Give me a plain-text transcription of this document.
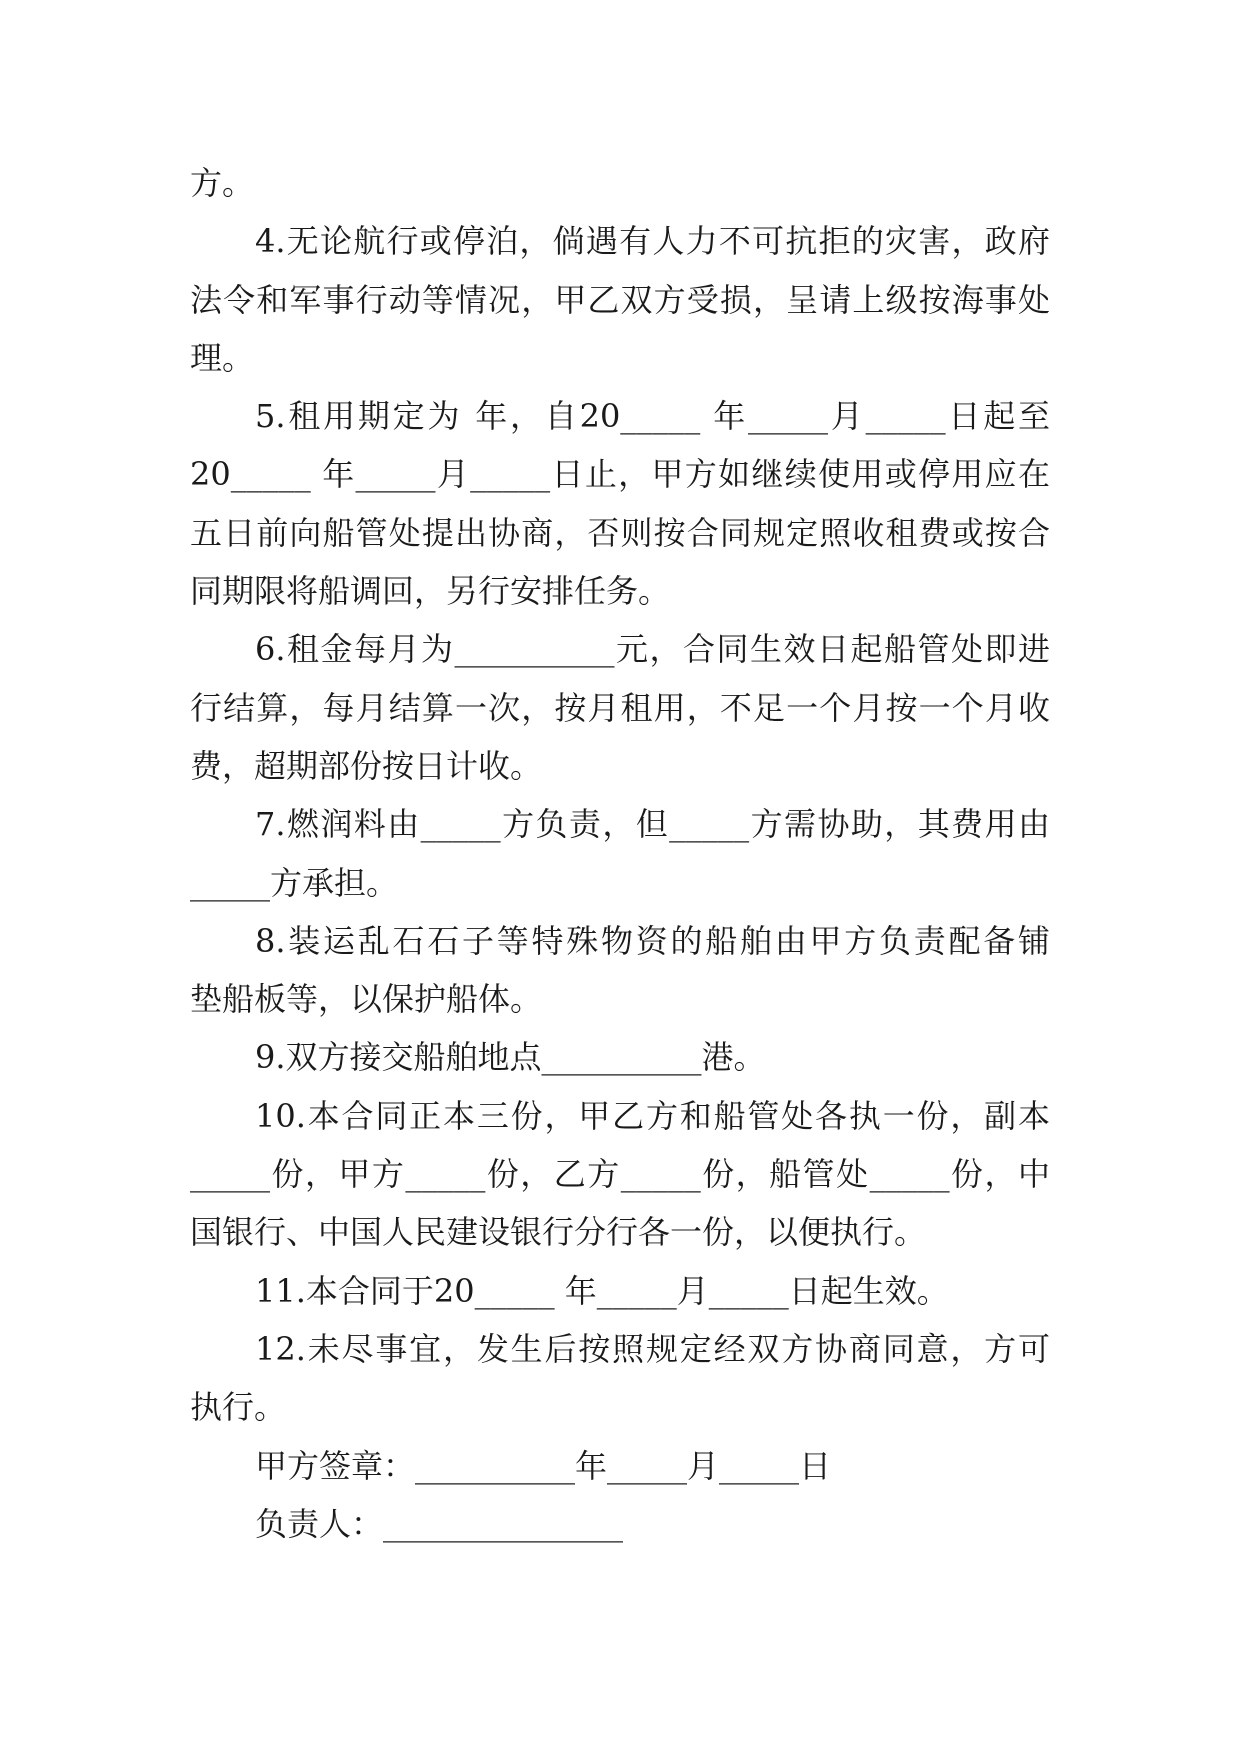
方。
4.无论航行或停泊，倘遇有人力不可抗拒的灾害，政府
法令和军事行动等情况，甲乙双方受损，呈请上级按海事处
理。
5.租用期定为 年，自20_____ 年_____月_____日起至
20_____ 年_____月_____日止，甲方如继续使用或停用应在
五日前向船管处提出协商，否则按合同规定照收租费或按合
同期限将船调回，另行安排任务。
6.租金每月为__________元，合同生效日起船管处即进
行结算，每月结算一次，按月租用，不足一个月按一个月收
费，超期部份按日计收。
7.燃润料由_____方负责，但_____方需协助，其费用由
_____方承担。
8.装运乱石石子等特殊物资的船舶由甲方负责配备铺
垫船板等，以保护船体。
9.双方接交船舶地点__________港。
10.本合同正本三份，甲乙方和船管处各执一份，副本
_____份，甲方_____份，乙方_____份，船管处_____份，中
国银行、中国人民建设银行分行各一份，以便执行。
11.本合同于20_____ 年_____月_____日起生效。
12.未尽事宜，发生后按照规定经双方协商同意，方可
执行。
甲方签章：__________年_____月_____日
负责人：_______________
